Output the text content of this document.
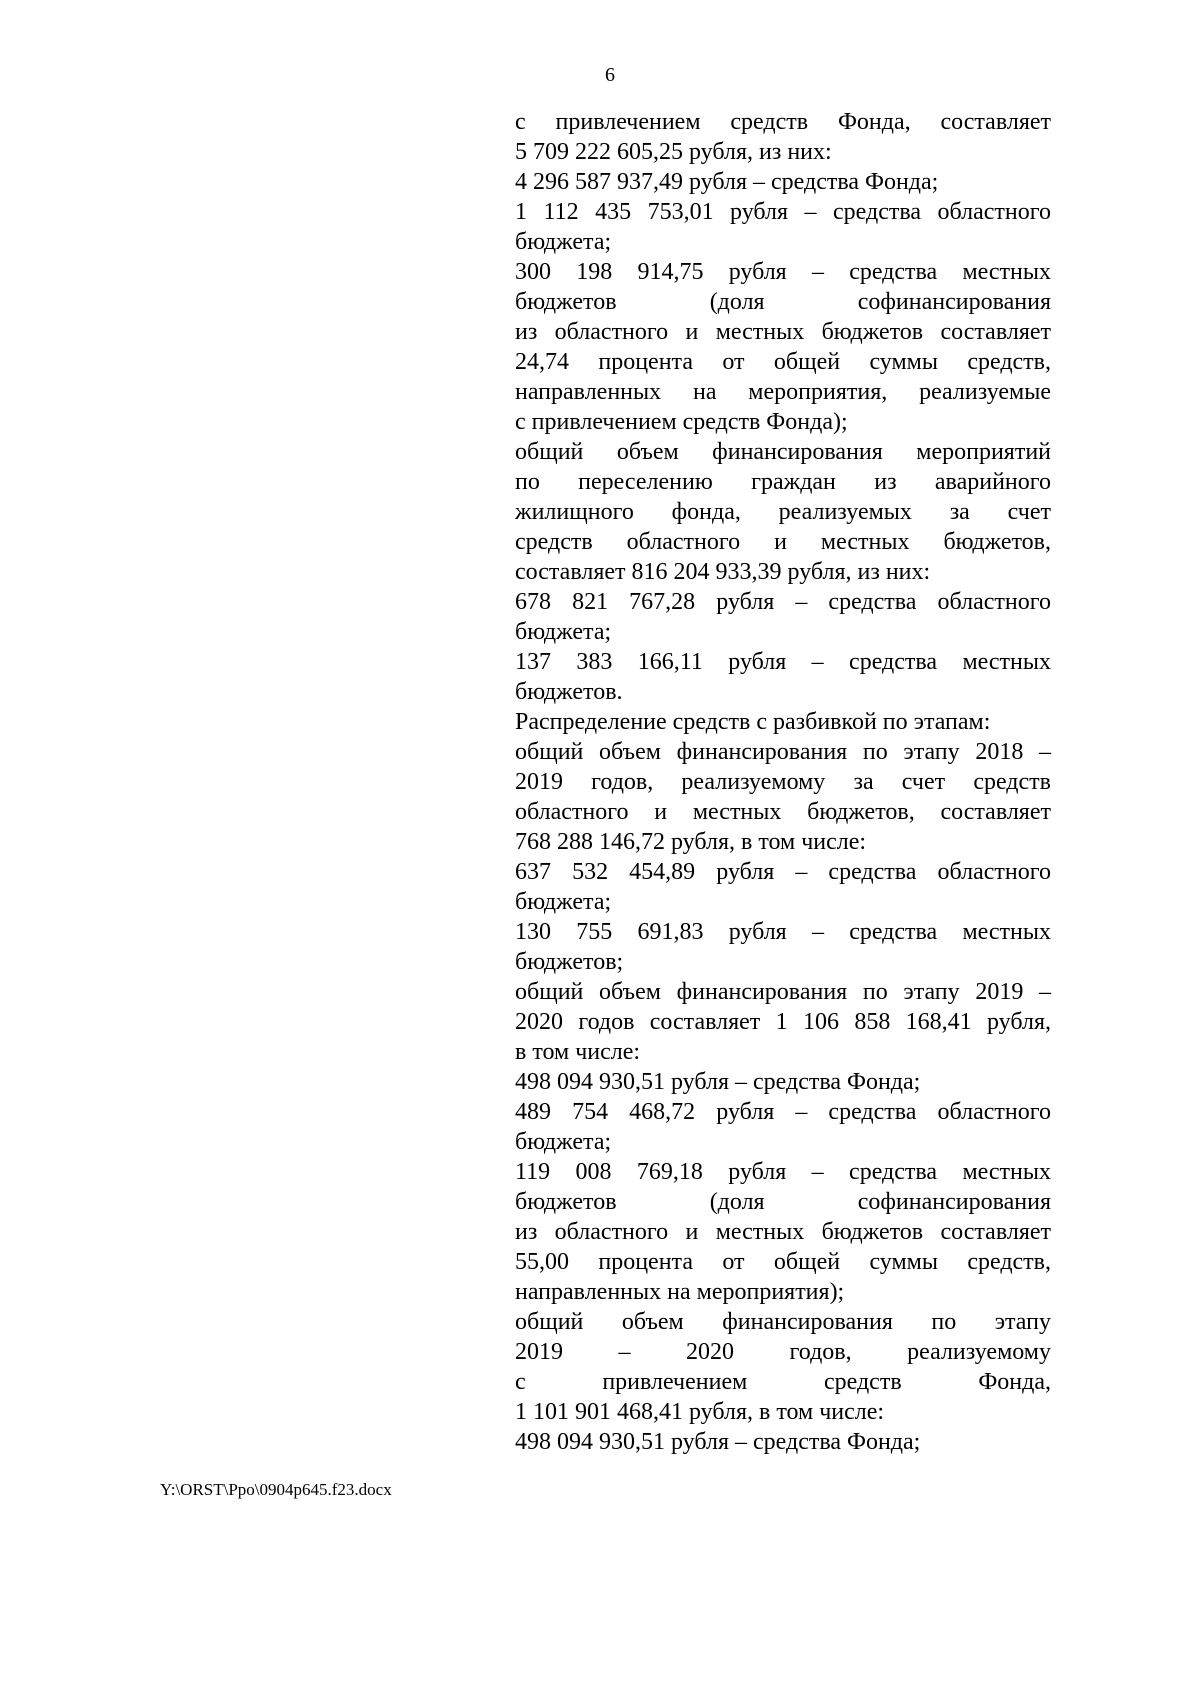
6
с привлечением средств Фонда, составляет
5 709 222 605,25 рубля, из них:
4 296 587 937,49 рубля – средства Фонда;
1 112 435 753,01 рубля – средства областного
бюджета;
300 198 914,75 рубля – средства местных
бюджетов (доля софинансирования
из областного и местных бюджетов составляет
24,74 процента от общей суммы средств,
направленных на мероприятия, реализуемые
с привлечением средств Фонда);
общий объем финансирования мероприятий
по переселению граждан из аварийного
жилищного фонда, реализуемых за счет
средств областного и местных бюджетов,
составляет 816 204 933,39 рубля, из них:
678 821 767,28 рубля – средства областного
бюджета;
137 383 166,11 рубля – средства местных
бюджетов.
Распределение средств с разбивкой по этапам:
общий объем финансирования по этапу 2018 –
2019 годов, реализуемому за счет средств
областного и местных бюджетов, составляет
768 288 146,72 рубля, в том числе:
637 532 454,89 рубля – средства областного
бюджета;
130 755 691,83 рубля – средства местных
бюджетов;
общий объем финансирования по этапу 2019 –
2020 годов составляет 1 106 858 168,41 рубля,
в том числе:
498 094 930,51 рубля – средства Фонда;
489 754 468,72 рубля – средства областного
бюджета;
119 008 769,18 рубля – средства местных
бюджетов (доля софинансирования
из областного и местных бюджетов составляет
55,00 процента от общей суммы средств,
направленных на мероприятия);
общий объем финансирования по этапу
2019 – 2020 годов, реализуемому
с привлечением средств Фонда,
1 101 901 468,41 рубля, в том числе:
498 094 930,51 рубля – средства Фонда;
Y:\ORST\Ppo\0904p645.f23.docx
